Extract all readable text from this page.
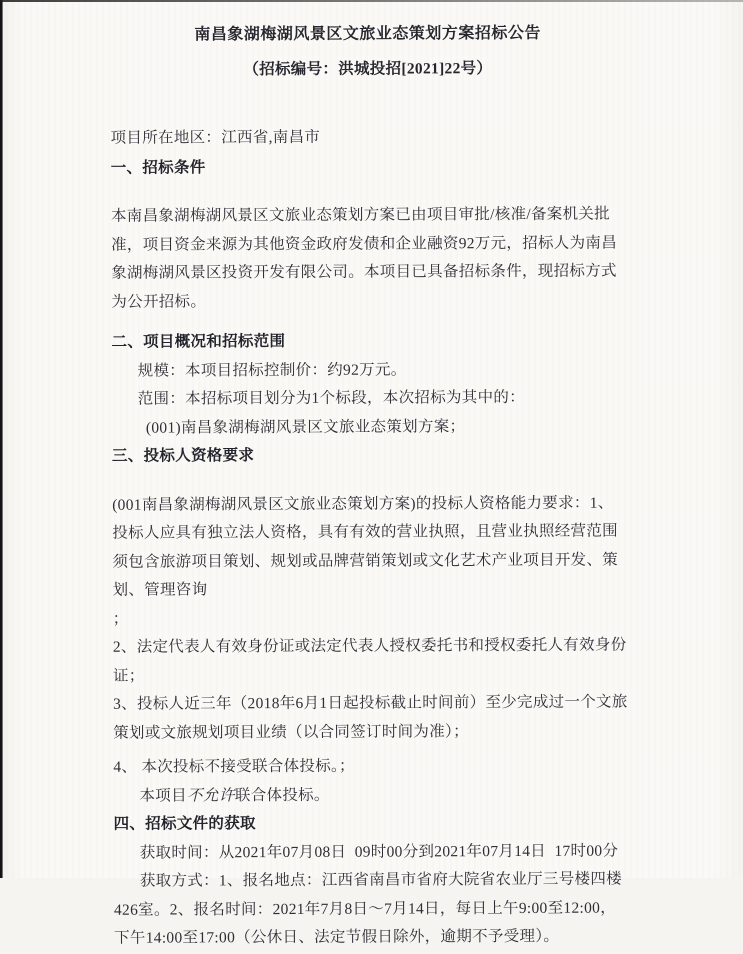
南昌象湖梅湖风景区文旅业态策划方案招标公告
（招标编号：洪城投招[2021]22号）
项目所在地区：江西省,南昌市
一、招标条件

本南昌象湖梅湖风景区文旅业态策划方案已由项目审批/核准/备案机关批准，项目资金来源为其他资金政府发债和企业融资92万元，招标人为南昌象湖梅湖风景区投资开发有限公司。本项目已具备招标条件，现招标方式为公开招标。

二、项目概况和招标范围
规模：本项目招标控制价：约92万元。
范围：本招标项目划分为1个标段，本次招标为其中的：
(001)南昌象湖梅湖风景区文旅业态策划方案；
三、投标人资格要求

(001南昌象湖梅湖风景区文旅业态策划方案)的投标人资格能力要求：1、投标人应具有独立法人资格，具有有效的营业执照，且营业执照经营范围须包含旅游项目策划、规划或品牌营销策划或文化艺术产业项目开发、策划、管理咨询

；

2、法定代表人有效身份证或法定代表人授权委托书和授权委托人有效身份证；

3、投标人近三年（2018年6月1日起投标截止时间前）至少完成过一个文旅策划或文旅规划项目业绩（以合同签订时间为准）；

4、 本次投标不接受联合体投标。；

本项目不允许联合体投标。
四、招标文件的获取
获取时间：从2021年07月08日  09时00分到2021年07月14日  17时00分

获取方式：1、报名地点：江西省南昌市省府大院省农业厅三号楼四楼426室。2、报名时间：2021年7月8日～7月14日，每日上午9:00至12:00，下午14:00至17:00（公休日、法定节假日除外，逾期不予受理）。
